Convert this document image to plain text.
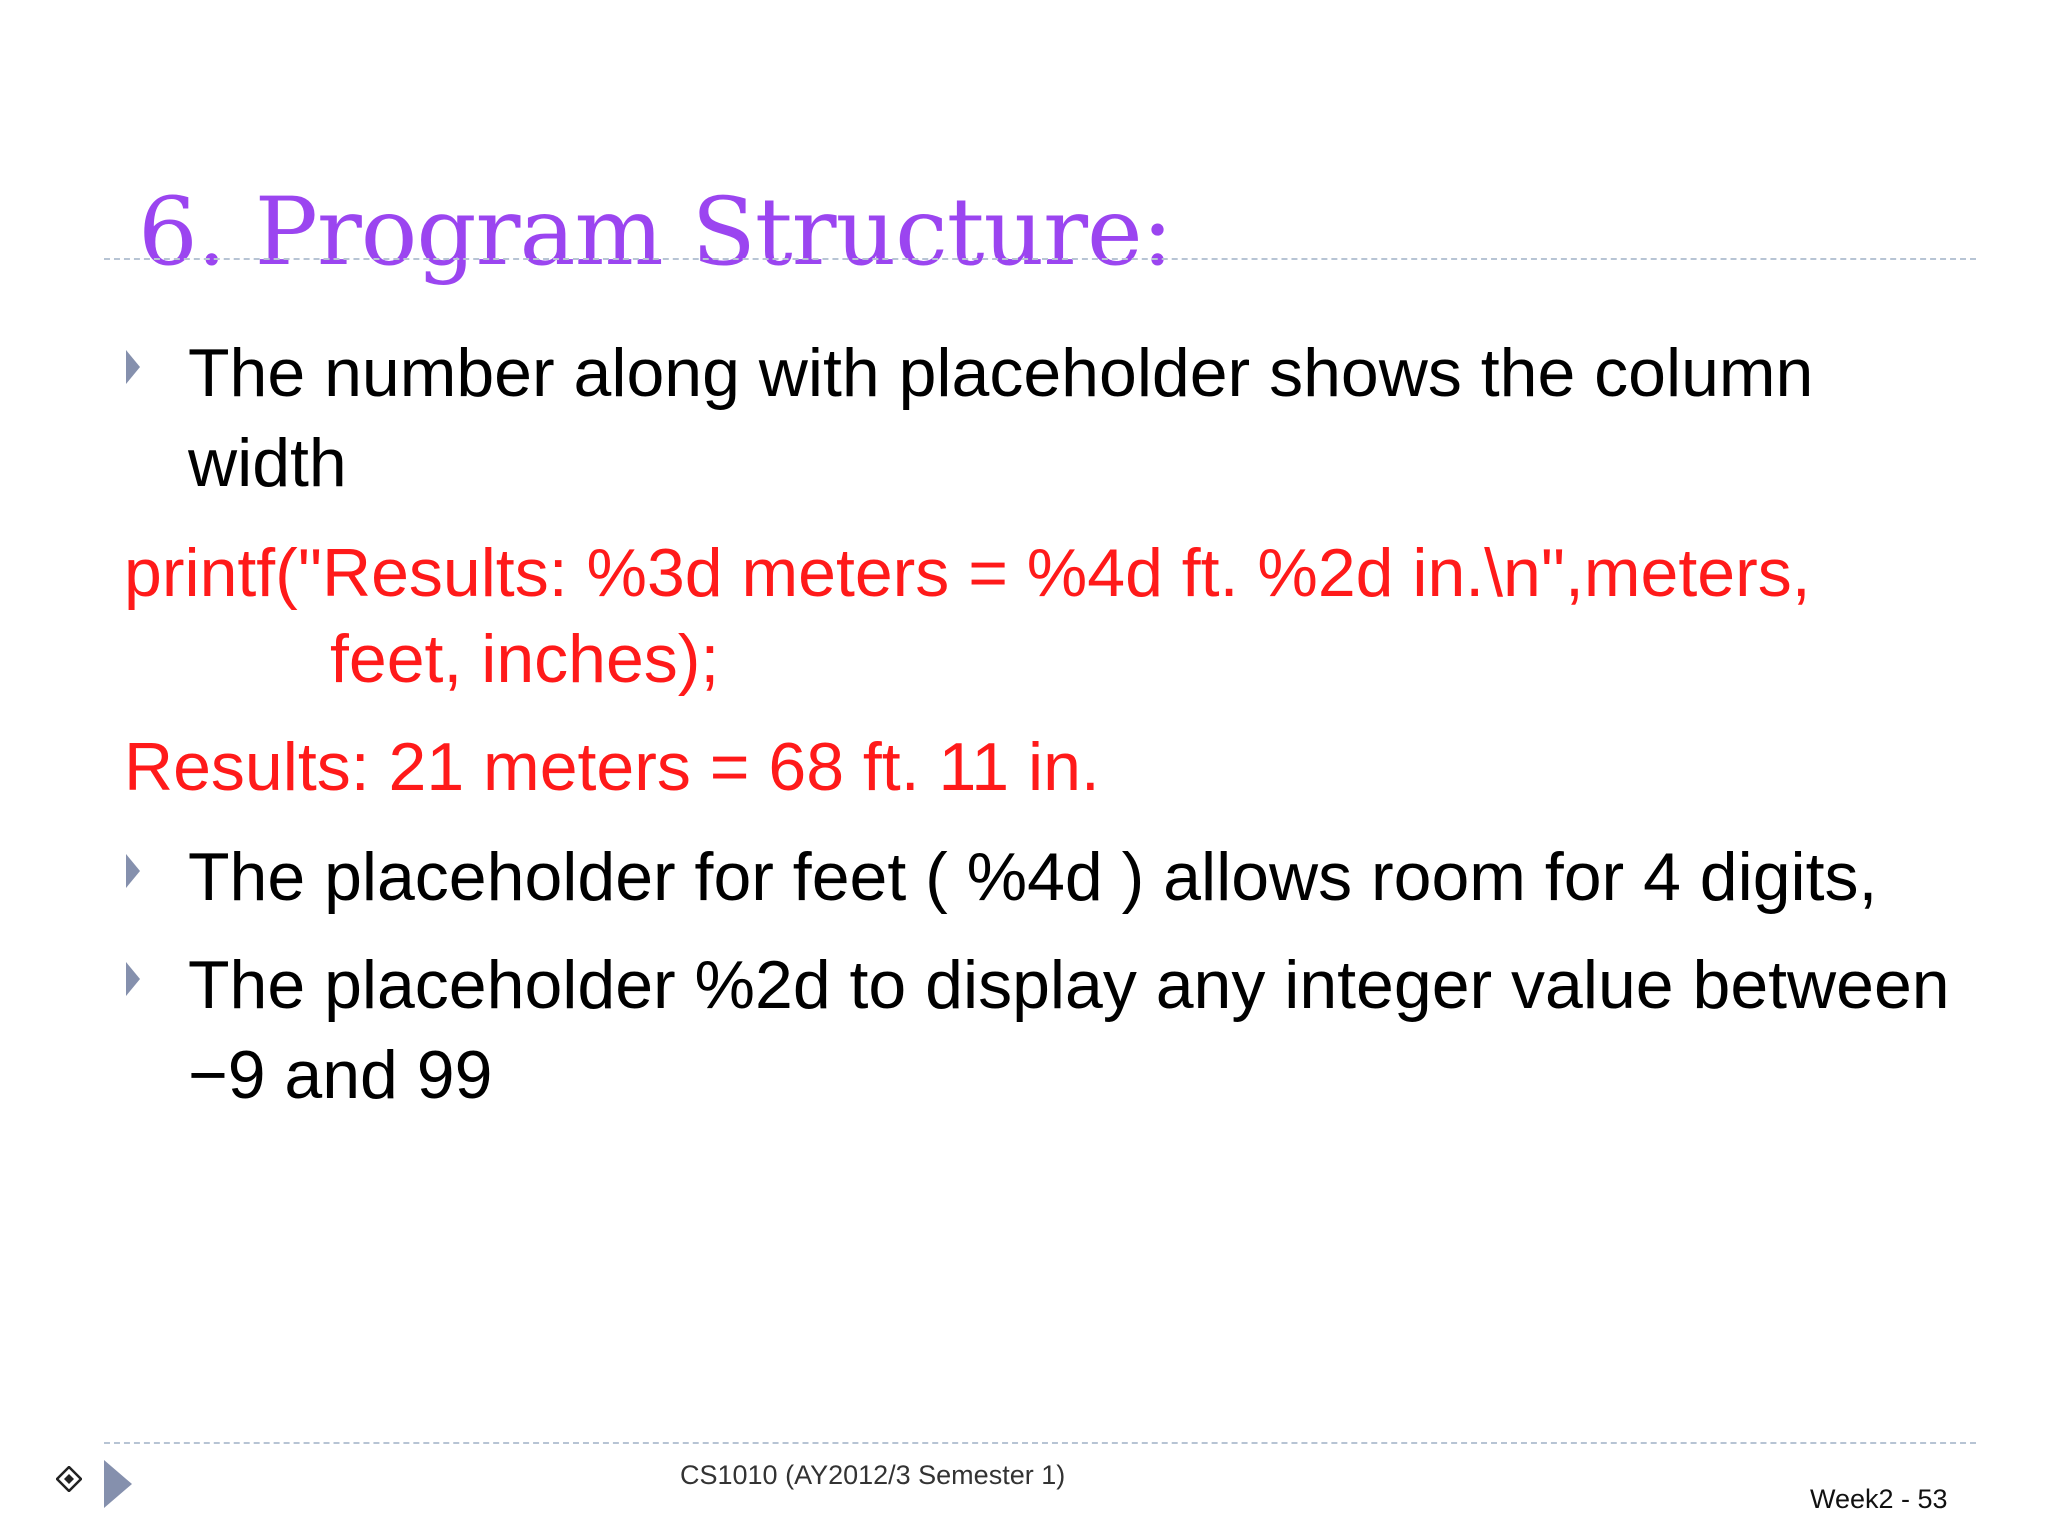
6. Program Structure:
The number along with placeholder shows the column width
printf("Results: %3d meters = %4d ft. %2d in.\n",meters,
feet, inches);
Results: 21 meters = 68 ft. 11 in.
The placeholder for feet ( %4d ) allows room for 4 digits,
The placeholder %2d to display any integer value between −9 and 99
CS1010 (AY2012/3 Semester 1)
Week2 - 53
